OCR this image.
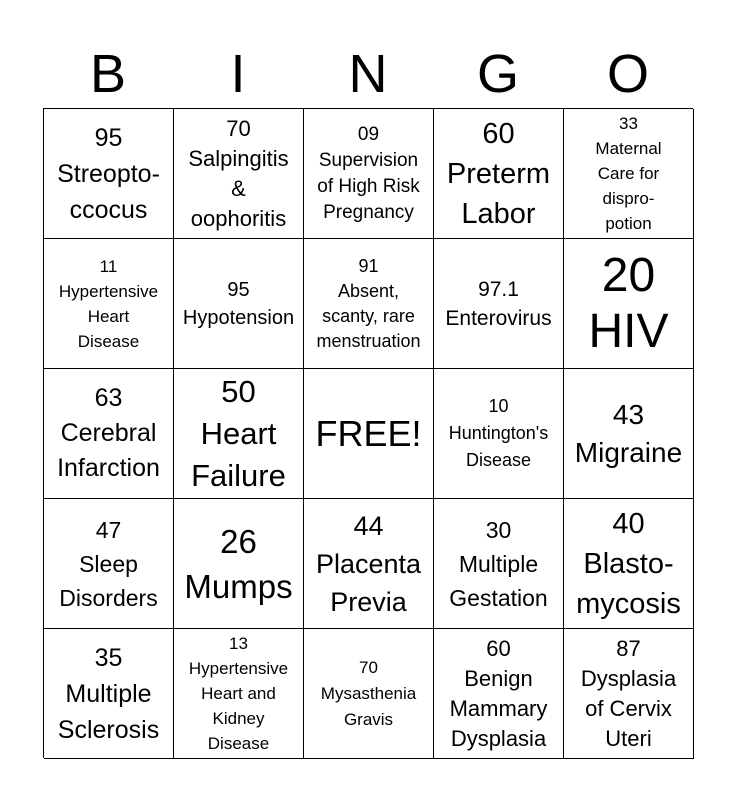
B	I	N	G	O
95
Streopto-
ccocus
70
Salpingitis
&
oophoritis
09
Supervision
of High Risk
Pregnancy
60
Preterm
Labor
33
Maternal
Care for
dispro-
potion
11
Hypertensive
Heart
Disease
95
Hypotension
91
Absent,
scanty, rare
menstruation
97.1
Enterovirus
20
HIV
63
Cerebral
Infarction
50
Heart
Failure
FREE!
10
Huntington's
Disease
43
Migraine
47
Sleep
Disorders
26
Mumps
44
Placenta
Previa
30
Multiple
Gestation
40
Blasto-
mycosis
35
Multiple
Sclerosis
13
Hypertensive
Heart and
Kidney
Disease
70
Mysasthenia
Gravis
60
Benign
Mammary
Dysplasia
87
Dysplasia
of Cervix
Uteri
